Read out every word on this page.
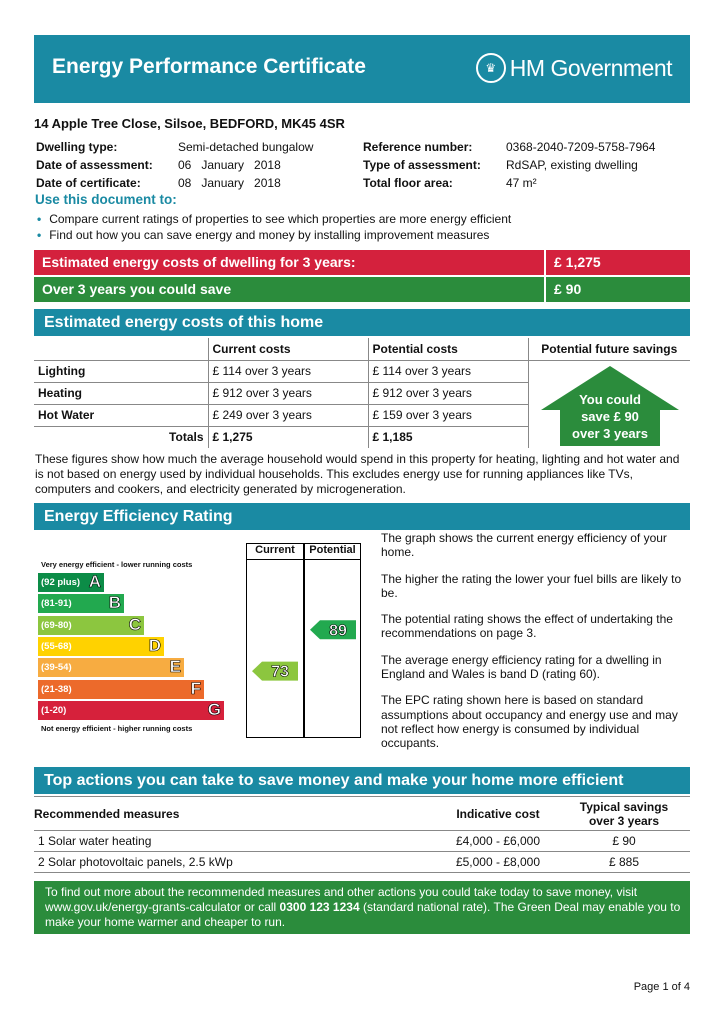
Energy Performance Certificate	♛ HM Government
14 Apple Tree Close, Silsoe, BEDFORD, MK45 4SR
Dwelling type:	Semi-detached bungalow
Date of assessment: 06   January   2018
Date of certificate:	08   January   2018
Reference number:	0368-2040-7209-5758-7964
Type of assessment: RdSAP, existing dwelling
Total floor area:	47 m²
Use this document to:
• Compare current ratings of properties to see which properties are more energy efficient
• Find out how you can save energy and money by installing improvement measures
Estimated energy costs of dwelling for 3 years:	£ 1,275
Over 3 years you could save	£ 90
Estimated energy costs of this home
	Current costs	Potential costs	Potential future savings
Lighting	£ 114 over 3 years	£ 114 over 3 years	
Heating	£ 912 over 3 years	£ 912 over 3 years	
Hot Water	£ 249 over 3 years	£ 159 over 3 years	
Totals	£ 1,275	£ 1,185	
You could
save £ 90
over 3 years
These figures show how much the average household would spend in this property for heating, lighting and hot water and is not based on energy used by individual households. This excludes energy use for running appliances like TVs, computers and cookers, and electricity generated by microgeneration.
Energy Efficiency Rating
Current	Potential
Very energy efficient - lower running costs
Not energy efficient - higher running costs
(92 plus) A
(81-91) B
(69-80)	C
(55-68)	D
(39-54)	E
(21-38)	F
(1-20)	G
73
89

The graph shows the current energy efficiency of your home.

The higher the rating the lower your fuel bills are likely to be.

The potential rating shows the effect of undertaking the recommendations on page 3.

The average energy efficiency rating for a dwelling in England and Wales is band D (rating 60).

The EPC rating shown here is based on standard assumptions about occupancy and energy use and may not reflect how energy is consumed by individual occupants.

Top actions you can take to save money and make your home more efficient
Recommended measures	Indicative cost	Typical savings over 3 years
1 Solar water heating	£4,000 - £6,000	£ 90
2 Solar photovoltaic panels, 2.5 kWp	£5,000 - £8,000	£ 885
To find out more about the recommended measures and other actions you could take today to save money, visit www.gov.uk/energy-grants-calculator or call 0300 123 1234 (standard national rate). The Green Deal may enable you to make your home warmer and cheaper to run.
Page 1 of 4
